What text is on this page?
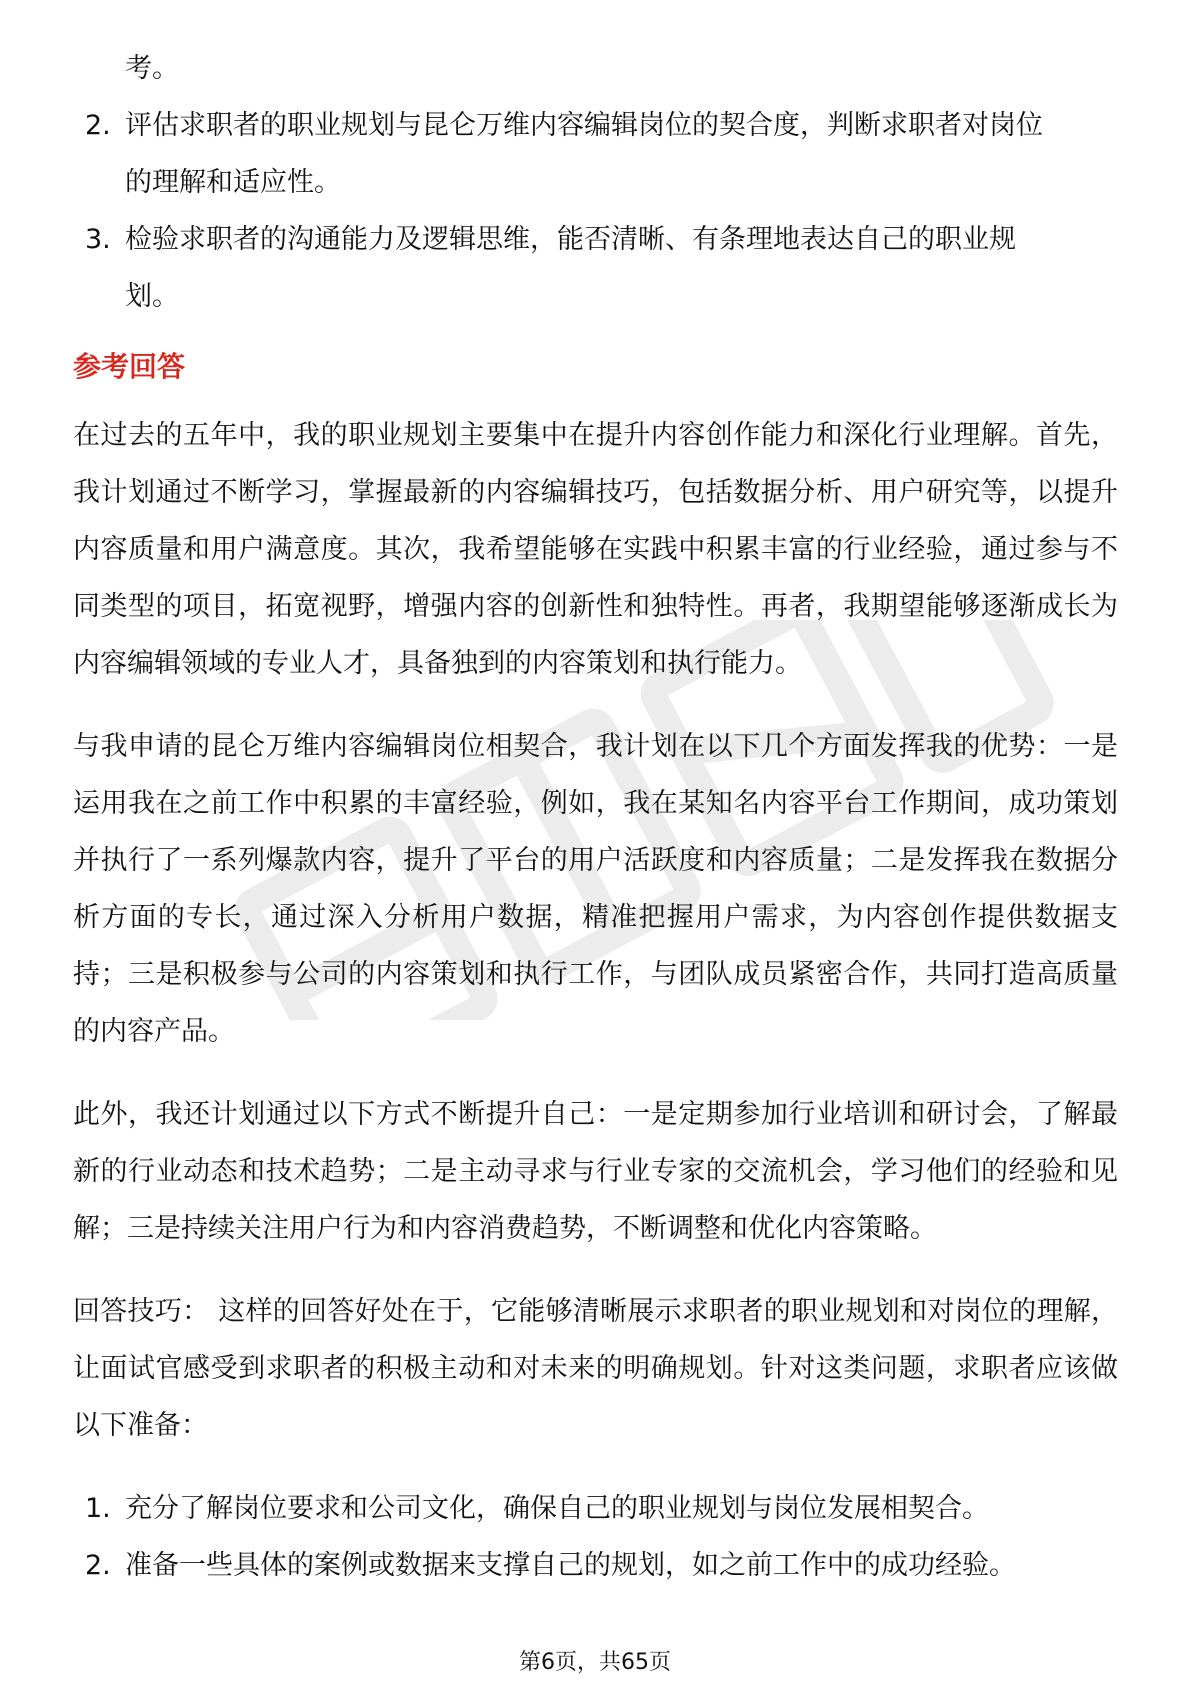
考。
2. 评估求职者的职业规划与昆仑万维内容编辑岗位的契合度，判断求职者对岗位
的理解和适应性。
3. 检验求职者的沟通能力及逻辑思维，能否清晰、有条理地表达自己的职业规
划。
参考回答

在过去的五年中，我的职业规划主要集中在提升内容创作能力和深化行业理解。首先，我计划通过不断学习，掌握最新的内容编辑技巧，包括数据分析、用户研究等，以提升内容质量和用户满意度。其次，我希望能够在实践中积累丰富的行业经验，通过参与不同类型的项目，拓宽视野，增强内容的创新性和独特性。再者，我期望能够逐渐成长为内容编辑领域的专业人才，具备独到的内容策划和执行能力。

与我申请的昆仑万维内容编辑岗位相契合，我计划在以下几个方面发挥我的优势：一是运用我在之前工作中积累的丰富经验，例如，我在某知名内容平台工作期间，成功策划并执行了一系列爆款内容，提升了平台的用户活跃度和内容质量；二是发挥我在数据分析方面的专长，通过深入分析用户数据，精准把握用户需求，为内容创作提供数据支持；三是积极参与公司的内容策划和执行工作，与团队成员紧密合作，共同打造高质量的内容产品。

此外，我还计划通过以下方式不断提升自己：一是定期参加行业培训和研讨会，了解最新的行业动态和技术趋势；二是主动寻求与行业专家的交流机会，学习他们的经验和见解；三是持续关注用户行为和内容消费趋势，不断调整和优化内容策略。

回答技巧： 这样的回答好处在于，它能够清晰展示求职者的职业规划和对岗位的理解，让面试官感受到求职者的积极主动和对未来的明确规划。针对这类问题，求职者应该做以下准备：

1. 充分了解岗位要求和公司文化，确保自己的职业规划与岗位发展相契合。
2. 准备一些具体的案例或数据来支撑自己的规划，如之前工作中的成功经验。
第6页，共65页
